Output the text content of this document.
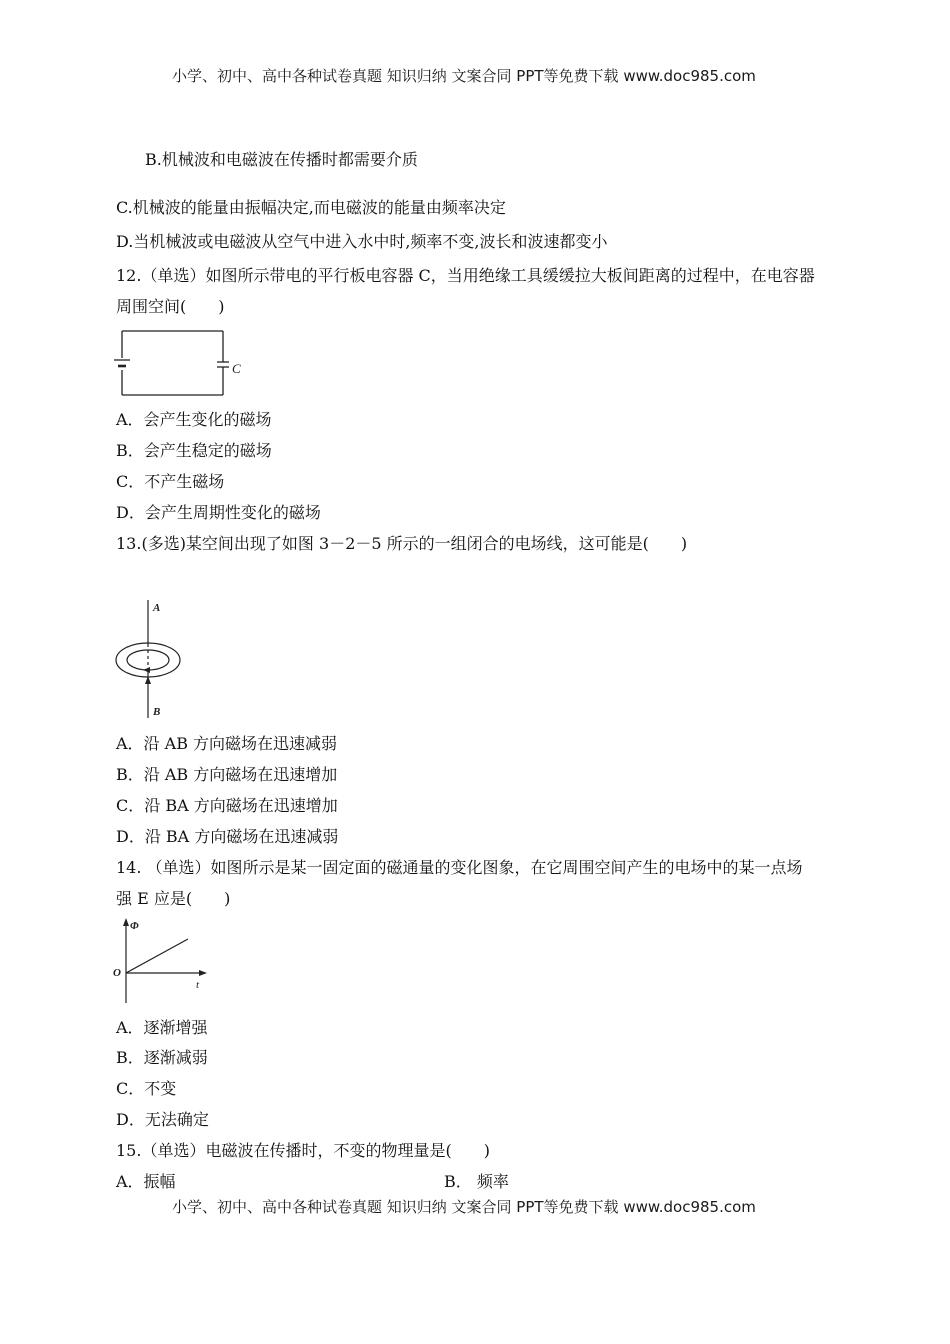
小学、初中、高中各种试卷真题 知识归纳 文案合同 PPT等免费下载 www.doc985.com
B.机械波和电磁波在传播时都需要介质
C.机械波的能量由振幅决定,而电磁波的能量由频率决定
D.当机械波或电磁波从空气中进入水中时,频率不变,波长和波速都变小
12.（单选）如图所示带电的平行板电容器 C，当用绝缘工具缓缓拉大板间距离的过程中，在电容器
周围空间(　　)
C
A．会产生变化的磁场
B．会产生稳定的磁场
C．不产生磁场
D．会产生周期性变化的磁场
13.(多选)某空间出现了如图 3－2－5 所示的一组闭合的电场线，这可能是(　　)
A
B
A．沿 AB 方向磁场在迅速减弱
B．沿 AB 方向磁场在迅速增加
C．沿 BA 方向磁场在迅速增加
D．沿 BA 方向磁场在迅速减弱
14. （单选）如图所示是某一固定面的磁通量的变化图象，在它周围空间产生的电场中的某一点场
强 E 应是(　　)
Φ
O
t
A．逐渐增强
B．逐渐减弱
C．不变
D．无法确定
15.（单选）电磁波在传播时，不变的物理量是(　　)
A．振幅	B． 频率
小学、初中、高中各种试卷真题 知识归纳 文案合同 PPT等免费下载 www.doc985.com
